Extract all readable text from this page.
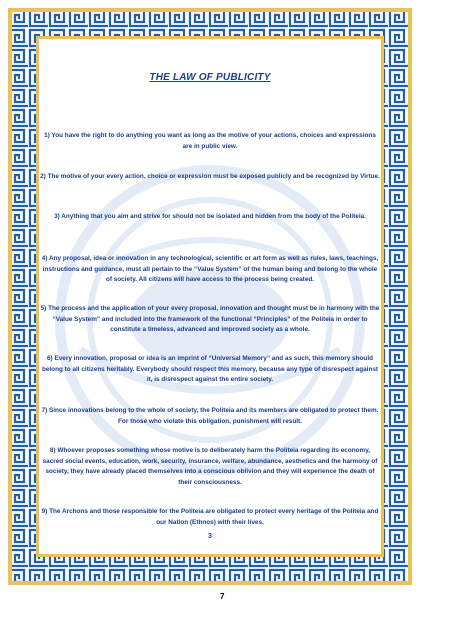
THE LAW OF PUBLICITY

1) You have the right to do anything you want as long as the motive of your actions, choices and expressions are in public view.

2) The motive of your every action, choice or expression must be exposed publicly and be recognized by Virtue.

3) Anything that you aim and strive for should not be isolated and hidden from the body of the Politeia.

4) Any proposal, idea or innovation in any technological, scientific or art form as well as rules, laws, teachings, instructions and guidance, must all pertain to the “Value System” of the human being and belong to the whole of society. All citizens will have access to the process being created.

5) The process and the application of your every proposal, innovation and thought must be in harmony with the “Value System” and included into the framework of the functional “Principles” of the Politeia in order to constitute a timeless, advanced and improved society as a whole.

6) Every innovation, proposal or idea is an imprint of “Universal Memory” and as such, this memory should belong to all citizens heritably. Everybody should respect this memory, because any type of disrespect against it, is disrespect against the entire society.

7) Since innovations belong to the whole of society, the Politeia and its members are obligated to protect them. For those who violate this obligation, punishment will result.

8) Whoever proposes something whose motive is to deliberately harm the Politeia regarding its economy, sacred social events, education, work, security, insurance, welfare, abundance, aesthetics and the harmony of society, they have already placed themselves into a conscious oblivion and they will experience the death of their consciousness.

9) The Archons and those responsible for the Politeia are obligated to protect every heritage of the Politeia and our Nation (Ethnos) with their lives.

3
7
